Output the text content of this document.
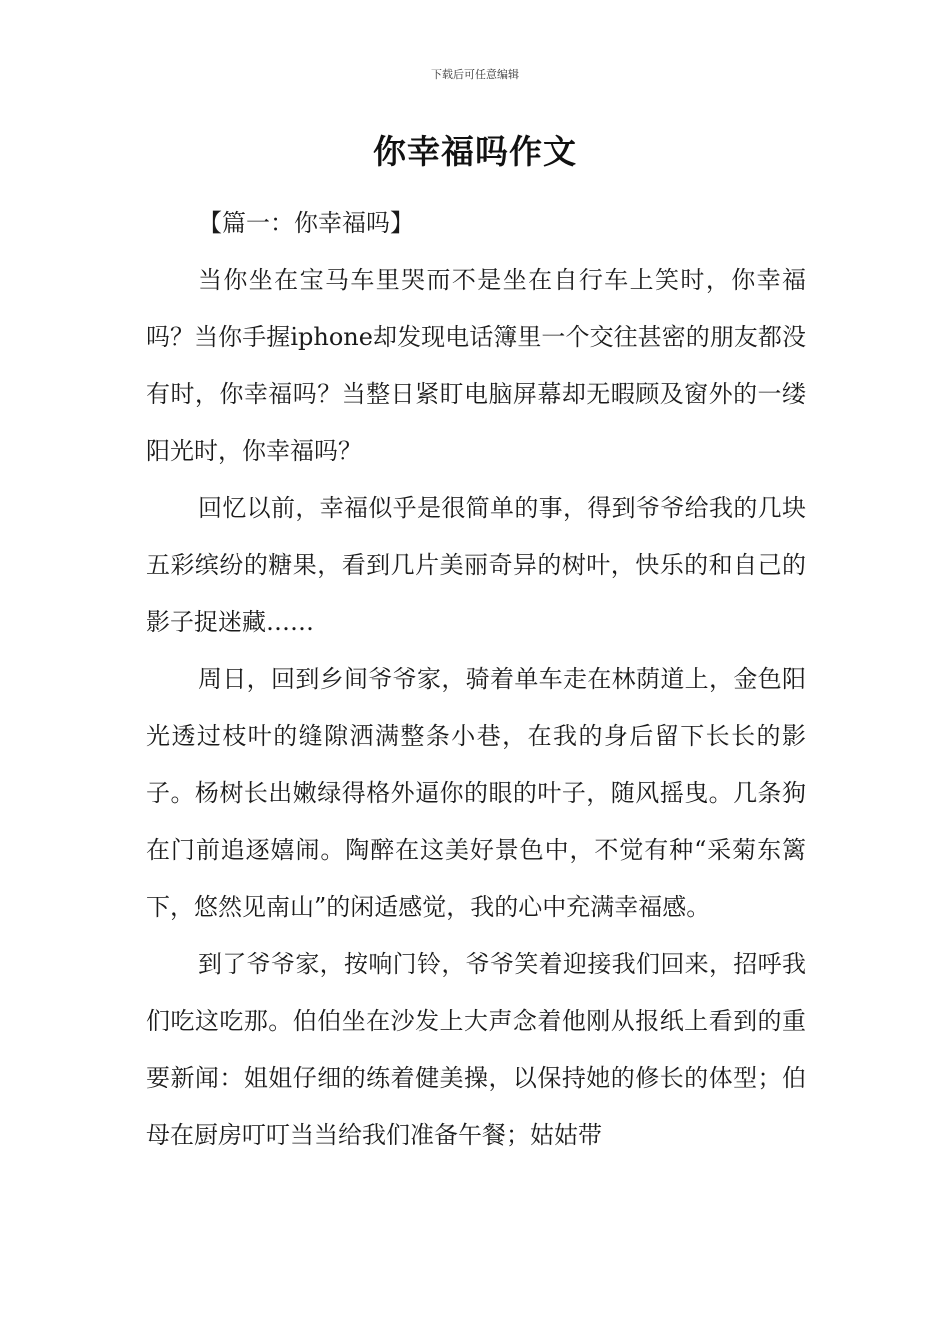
下载后可任意编辑
你幸福吗作文

【篇一：你幸福吗】

当你坐在宝马车里哭而不是坐在自行车上笑时，你幸福吗？当你手握iphone却发现电话簿里一个交往甚密的朋友都没有时，你幸福吗？当整日紧盯电脑屏幕却无暇顾及窗外的一缕阳光时，你幸福吗？

回忆以前，幸福似乎是很简单的事，得到爷爷给我的几块五彩缤纷的糖果，看到几片美丽奇异的树叶，快乐的和自己的影子捉迷藏……

周日，回到乡间爷爷家，骑着单车走在林荫道上，金色阳光透过枝叶的缝隙洒满整条小巷，在我的身后留下长长的影子。杨树长出嫩绿得格外逼你的眼的叶子，随风摇曳。几条狗在门前追逐嬉闹。陶醉在这美好景色中，不觉有种“采菊东篱下，悠然见南山”的闲适感觉，我的心中充满幸福感。

到了爷爷家，按响门铃，爷爷笑着迎接我们回来，招呼我们吃这吃那。伯伯坐在沙发上大声念着他刚从报纸上看到的重要新闻：姐姐仔细的练着健美操，以保持她的修长的体型；伯母在厨房叮叮当当给我们准备午餐；姑姑带
